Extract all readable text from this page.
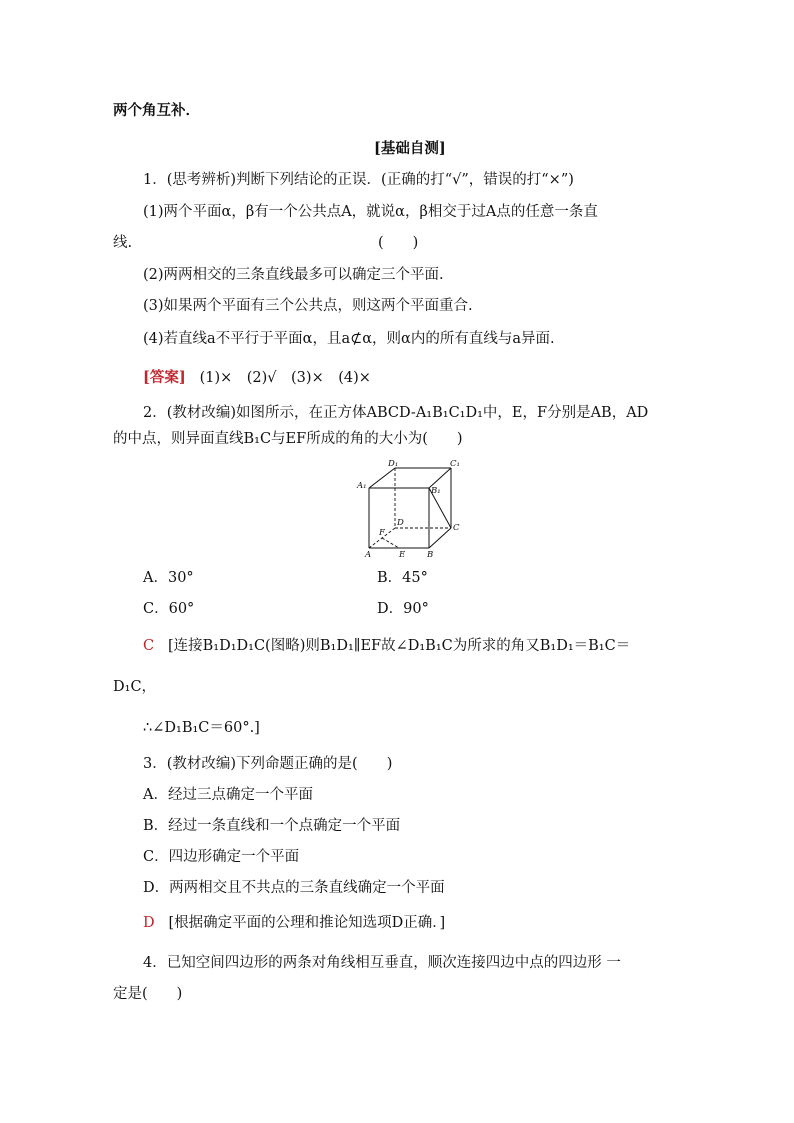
两个角互补．
[基础自测]
1．(思考辨析)判断下列结论的正误．(正确的打“√”，错误的打“×”)
(1)两个平面α，β有一个公共点A，就说α，β相交于过A点的任意一条直
线.	(　　)
(2)两两相交的三条直线最多可以确定三个平面.
(3)如果两个平面有三个公共点，则这两个平面重合.
(4)若直线a不平行于平面α，且a⊄α，则α内的所有直线与a异面.
[答案] (1)×　(2)√　(3)×　(4)×
2．(教材改编)如图所示，在正方体ABCD-A₁B₁C₁D₁中，E，F分别是AB，AD
的中点，则异面直线B₁C与EF所成的角的大小为(　　)
D₁	C₁
A₁	B₁
D	C
F
A	E	B
A．30°	B．45°
C．60°	D．90°
C [连接B₁D₁D₁C(图略)则B₁D₁∥EF故∠D₁B₁C为所求的角又B₁D₁＝B₁C＝
D₁C，
∴∠D₁B₁C＝60°.]
3．(教材改编)下列命题正确的是(　　)
A．经过三点确定一个平面
B．经过一条直线和一个点确定一个平面
C．四边形确定一个平面
D．两两相交且不共点的三条直线确定一个平面
D [根据确定平面的公理和推论知选项D正确．]
4．已知空间四边形的两条对角线相互垂直，顺次连接四边中点的四边形 一
定是(　　)
